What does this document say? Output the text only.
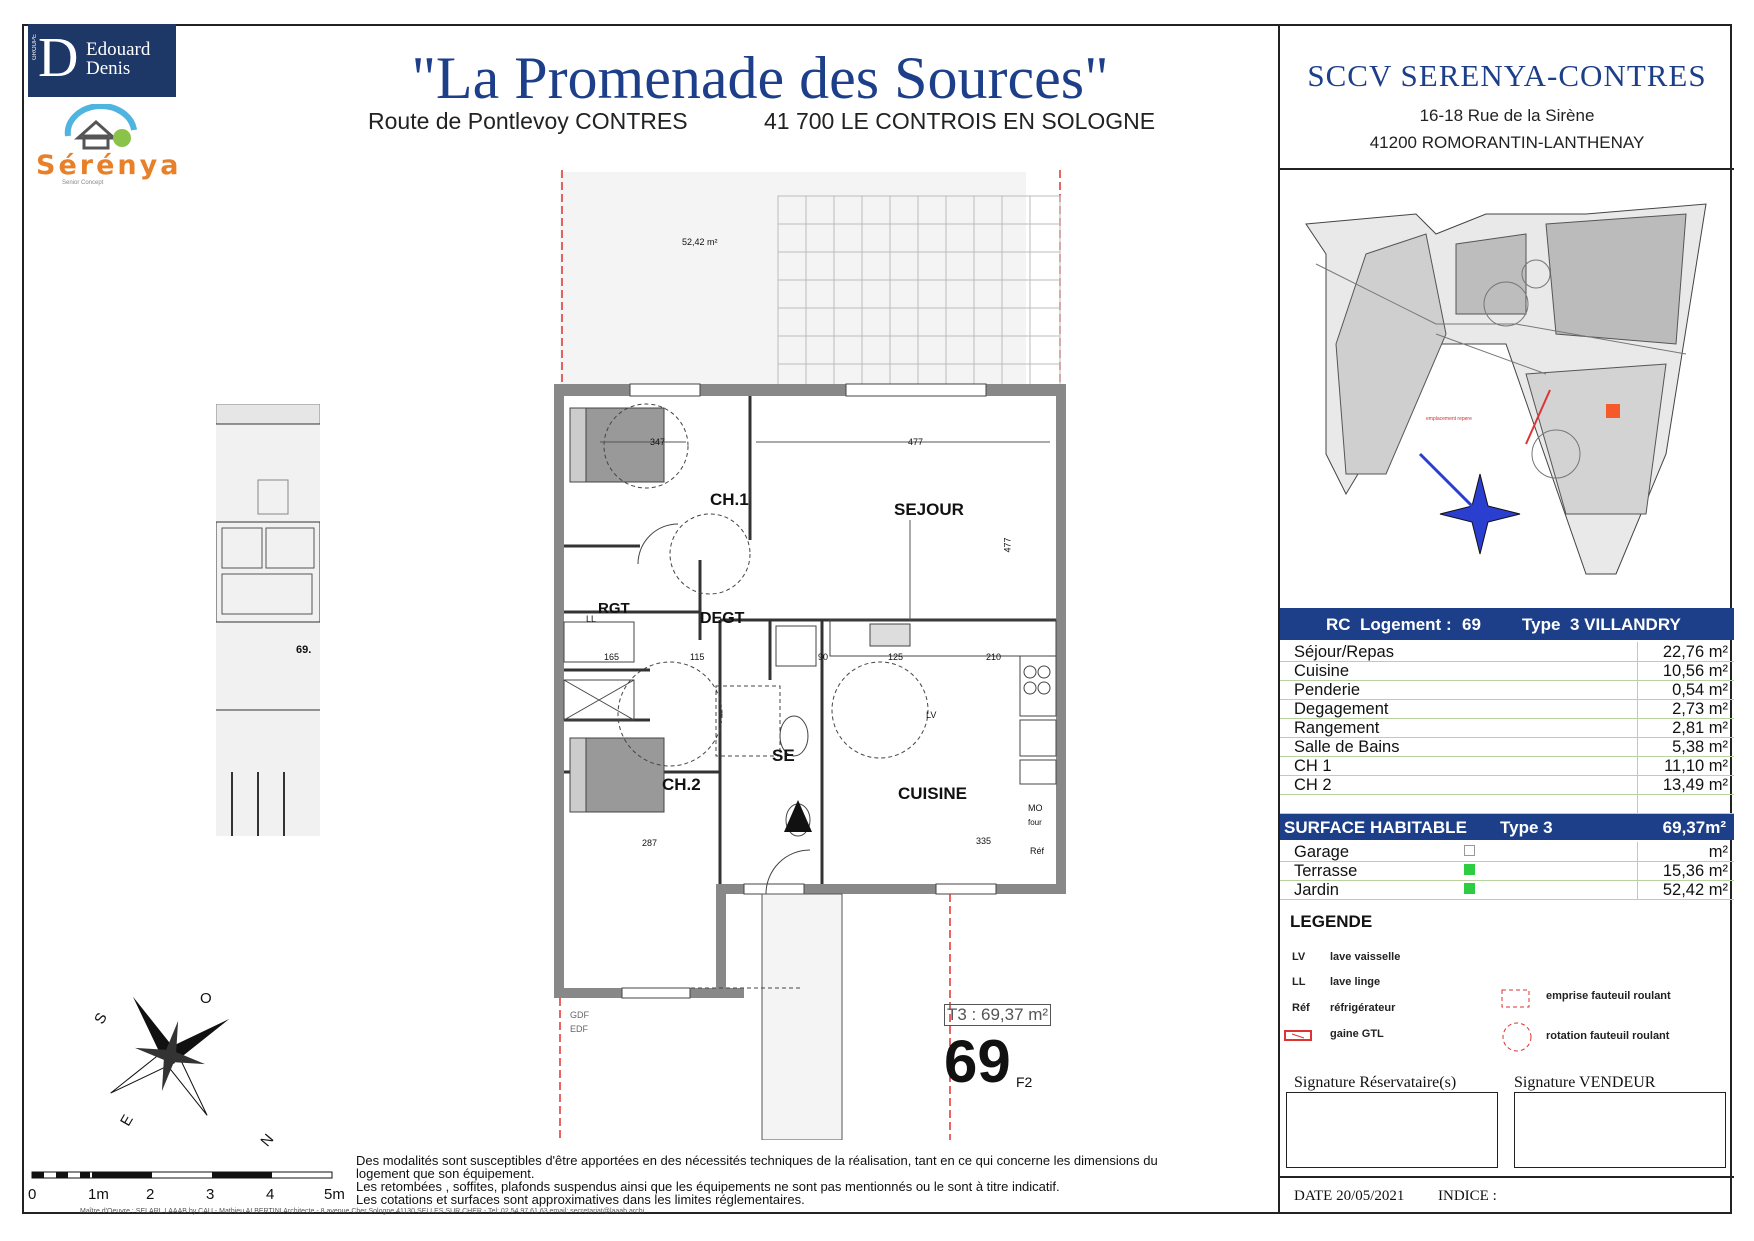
D
GROUPE	Edouard
Denis
Sérénya
Senior Concept
"La Promenade des Sources"
Route de Pontlevoy CONTRES	41 700 LE CONTROIS EN SOLOGNE
69.
52,42 m²
CH.1
SEJOUR
RGT
DEGT
CH.2
SE
CUISINE
347	477
477
115	90	125	210
287	335
165
LV
LL
MO
four
Réf
GDF
EDF
T3 : 69,37 m²
69 F2
S
O
E
N
0	1m 2	3	4	5m
Des modalités sont susceptibles d'être apportées en des nécessités techniques de la réalisation, tant en ce qui concerne les dimensions du
logement que son équipement.
Les retombées , soffites, plafonds suspendus ainsi que les équipements ne sont pas mentionnés ou le sont à titre indicatif.
Les cotations et surfaces sont approximatives dans les limites réglementaires.
Maître d'Oeuvre : SELARL LAAAB by CAU - Mathieu ALBERTINI Architecte - 8 avenue Cher Sologne 41130 SELLES SUR CHER - Tel: 02 54 97 61 63 email: secretariat@laaab.archi
SCCV SERENYA-CONTRES
16-18 Rue de la Sirène
41200 ROMORANTIN-LANTHENAY
emplacement repere
RC Logement : 69 Type 3 VILLANDRY
Séjour/Repas	22,76 m²
Cuisine	10,56 m²
Penderie	0,54 m²
Degagement	2,73 m²
Rangement	2,81 m²
Salle de Bains	5,38 m²
CH 1	11,10 m²
CH 2	13,49 m²
SURFACE HABITABLE Type 3	69,37m²
Garage	m²
Terrasse	15,36 m²
Jardin	52,42 m²
LEGENDE
LV lave vaisselle
LL lave linge
Réf réfrigérateur
gaine GTL
emprise fauteuil roulant
rotation fauteuil roulant
Signature Réservataire(s)	Signature VENDEUR
DATE 20/05/2021 INDICE :
